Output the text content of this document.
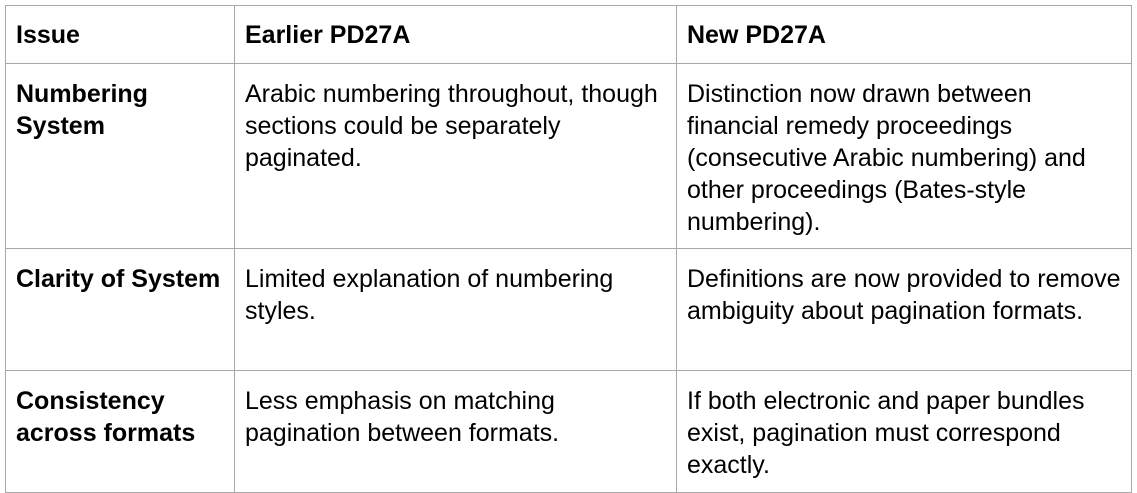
Issue	Earlier PD27A	New PD27A
Numbering System	Arabic numbering throughout, though sections could be separately paginated.	Distinction now drawn between financial remedy proceedings (consecutive Arabic numbering) and other proceedings (Bates-style numbering).
Clarity of System	Limited explanation of numbering styles.	Definitions are now provided to remove ambiguity about pagination formats.
Consistency across formats	Less emphasis on matching pagination between formats.	If both electronic and paper bundles exist, pagination must correspond exactly.
